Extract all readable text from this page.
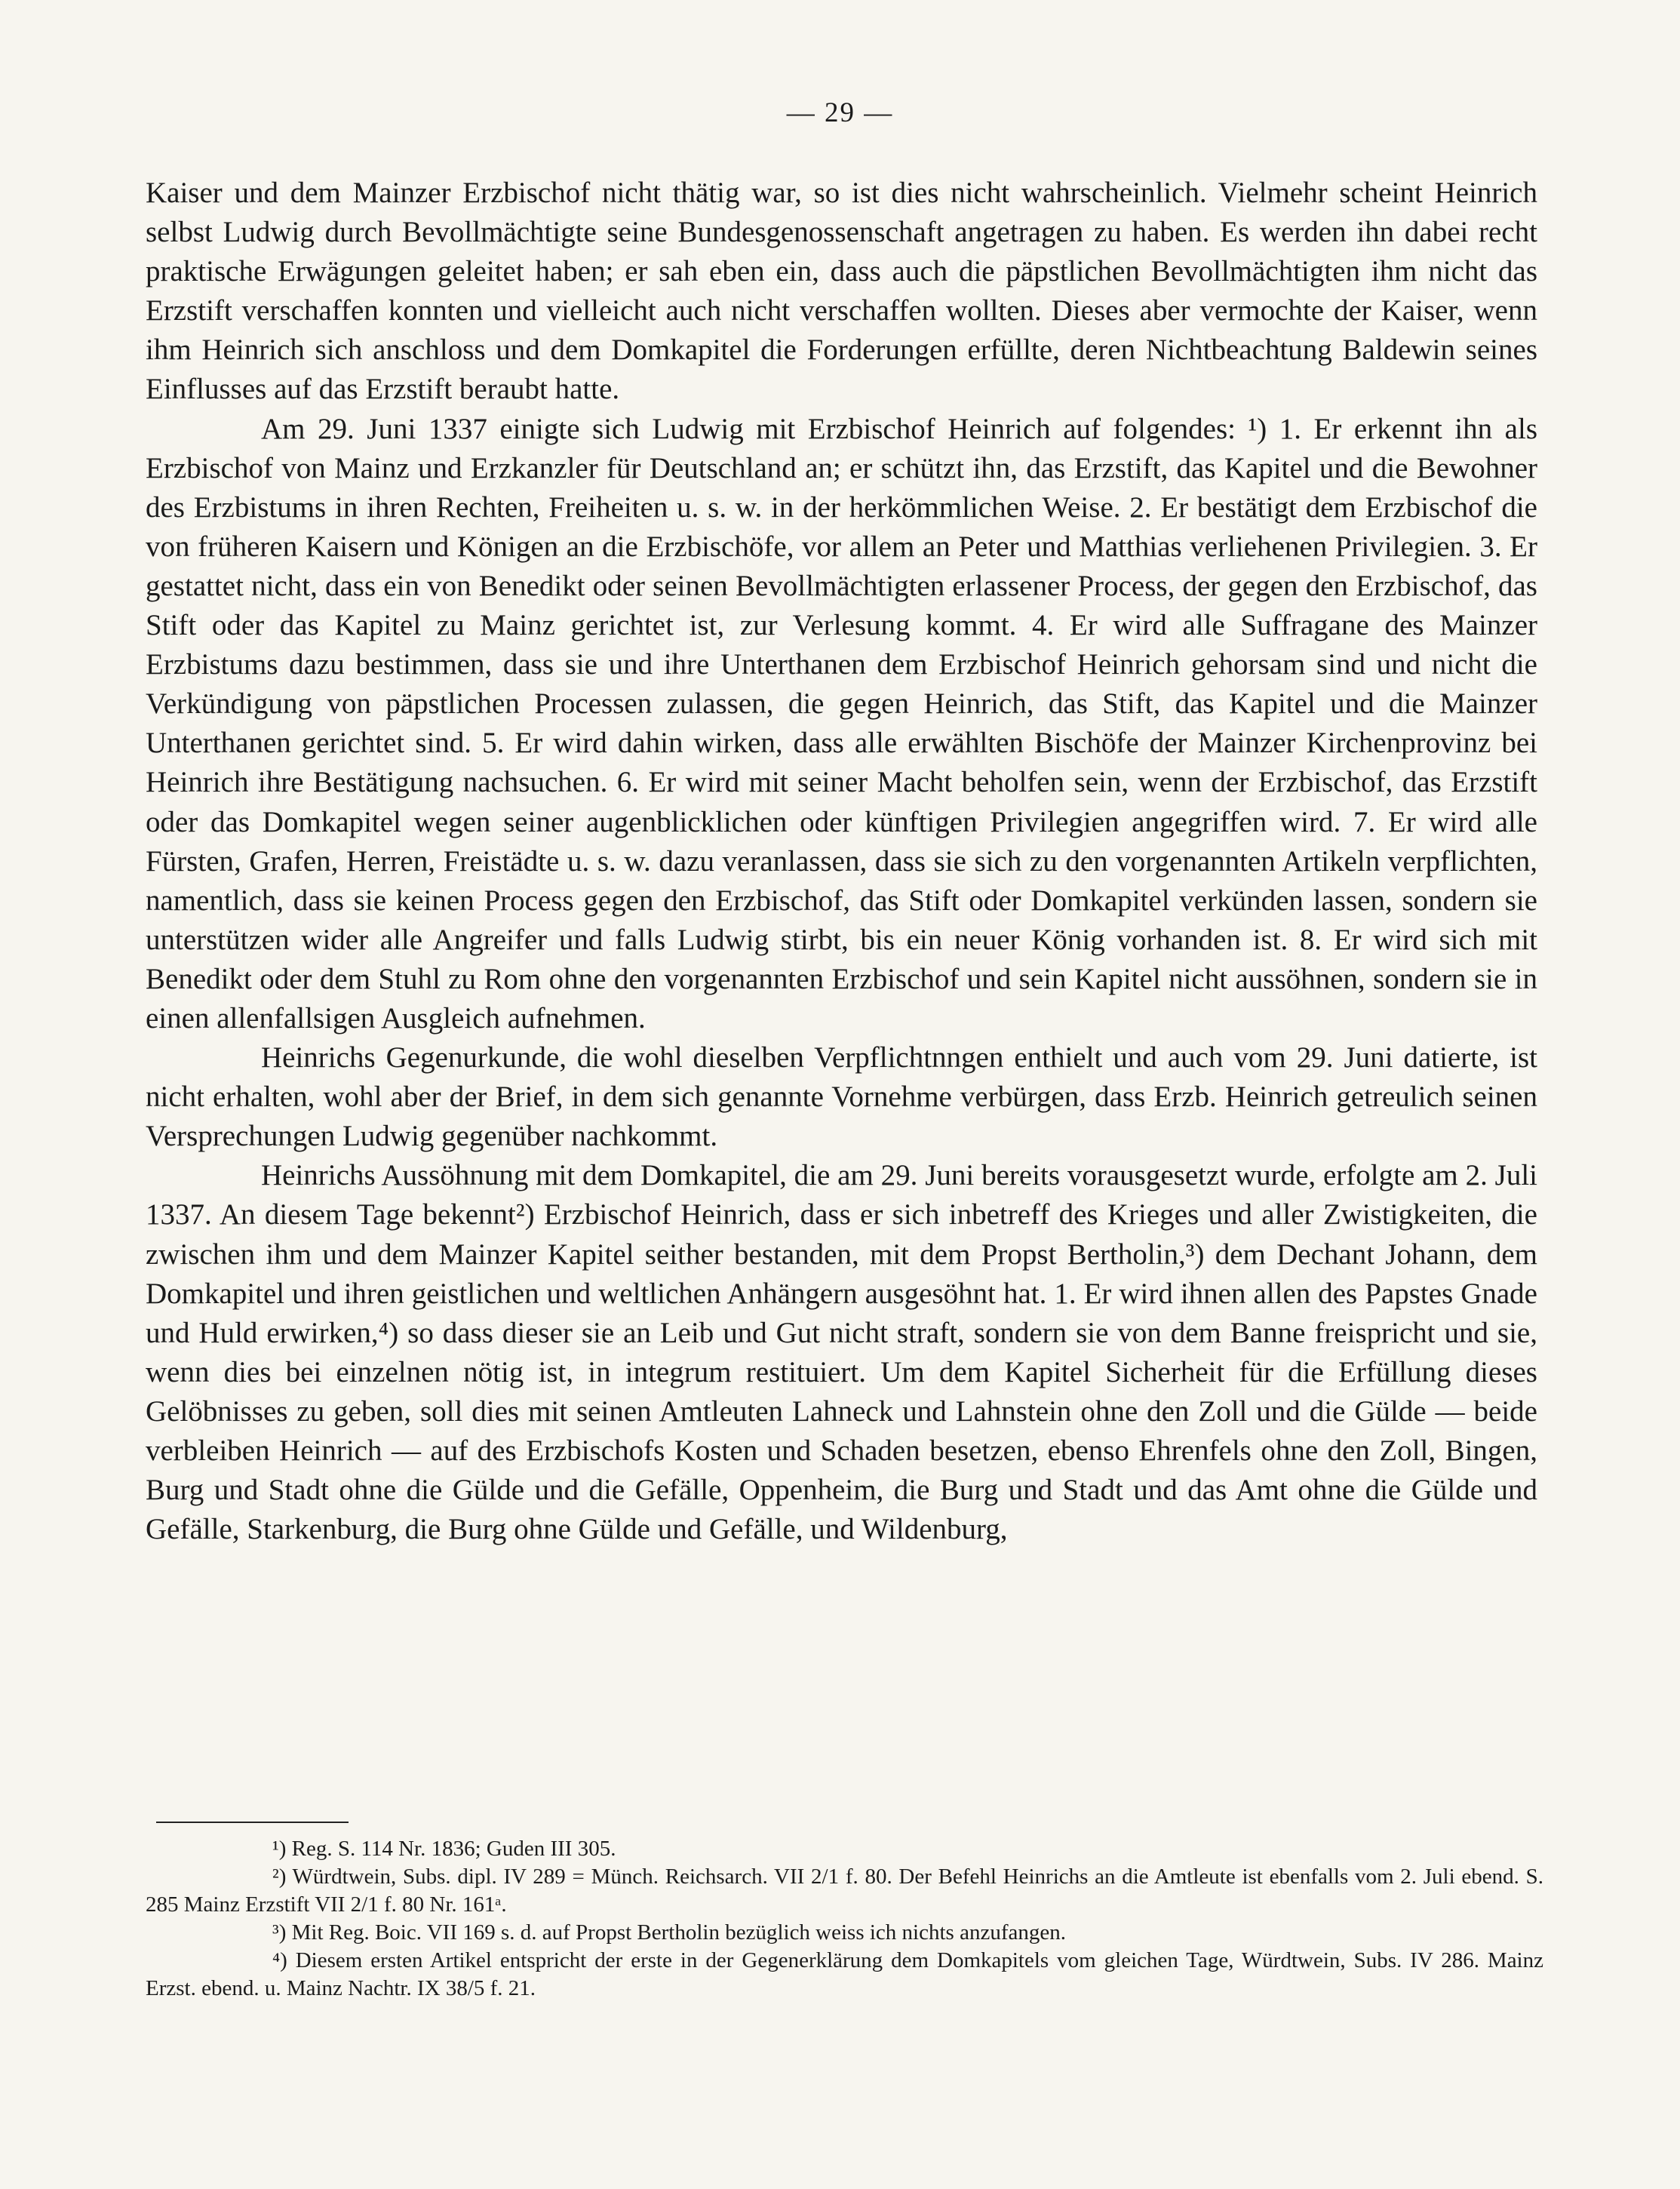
— 29 —

Kaiser und dem Mainzer Erzbischof nicht thätig war, so ist dies nicht wahrscheinlich. Vielmehr scheint Heinrich selbst Ludwig durch Bevollmächtigte seine Bundesgenossenschaft angetragen zu haben. Es werden ihn dabei recht praktische Erwägungen geleitet haben; er sah eben ein, dass auch die päpstlichen Bevollmächtigten ihm nicht das Erzstift verschaffen konnten und vielleicht auch nicht verschaffen wollten. Dieses aber vermochte der Kaiser, wenn ihm Heinrich sich anschloss und dem Domkapitel die Forderungen erfüllte, deren Nichtbeachtung Baldewin seines Einflusses auf das Erzstift beraubt hatte.

Am 29. Juni 1337 einigte sich Ludwig mit Erzbischof Heinrich auf folgendes: ¹) 1. Er erkennt ihn als Erzbischof von Mainz und Erzkanzler für Deutschland an; er schützt ihn, das Erzstift, das Kapitel und die Bewohner des Erzbistums in ihren Rechten, Freiheiten u. s. w. in der herkömmlichen Weise. 2. Er bestätigt dem Erzbischof die von früheren Kaisern und Königen an die Erzbischöfe, vor allem an Peter und Matthias verliehenen Privilegien. 3. Er gestattet nicht, dass ein von Benedikt oder seinen Bevollmächtigten erlassener Process, der gegen den Erzbischof, das Stift oder das Kapitel zu Mainz gerichtet ist, zur Verlesung kommt. 4. Er wird alle Suffragane des Mainzer Erzbistums dazu bestimmen, dass sie und ihre Unterthanen dem Erzbischof Heinrich gehorsam sind und nicht die Verkündigung von päpstlichen Processen zulassen, die gegen Heinrich, das Stift, das Kapitel und die Mainzer Unterthanen gerichtet sind. 5. Er wird dahin wirken, dass alle erwählten Bischöfe der Mainzer Kirchenprovinz bei Heinrich ihre Bestätigung nachsuchen. 6. Er wird mit seiner Macht beholfen sein, wenn der Erzbischof, das Erzstift oder das Domkapitel wegen seiner augenblicklichen oder künftigen Privilegien angegriffen wird. 7. Er wird alle Fürsten, Grafen, Herren, Freistädte u. s. w. dazu veranlassen, dass sie sich zu den vorgenannten Artikeln verpflichten, namentlich, dass sie keinen Process gegen den Erzbischof, das Stift oder Domkapitel verkünden lassen, sondern sie unterstützen wider alle Angreifer und falls Ludwig stirbt, bis ein neuer König vorhanden ist. 8. Er wird sich mit Benedikt oder dem Stuhl zu Rom ohne den vorgenannten Erzbischof und sein Kapitel nicht aussöhnen, sondern sie in einen allenfallsigen Ausgleich aufnehmen.

Heinrichs Gegenurkunde, die wohl dieselben Verpflichtnngen enthielt und auch vom 29. Juni datierte, ist nicht erhalten, wohl aber der Brief, in dem sich genannte Vornehme verbürgen, dass Erzb. Heinrich getreulich seinen Versprechungen Ludwig gegenüber nachkommt.

Heinrichs Aussöhnung mit dem Domkapitel, die am 29. Juni bereits vorausgesetzt wurde, erfolgte am 2. Juli 1337. An diesem Tage bekennt²) Erzbischof Heinrich, dass er sich inbetreff des Krieges und aller Zwistigkeiten, die zwischen ihm und dem Mainzer Kapitel seither bestanden, mit dem Propst Bertholin,³) dem Dechant Johann, dem Domkapitel und ihren geistlichen und weltlichen Anhängern ausgesöhnt hat. 1. Er wird ihnen allen des Papstes Gnade und Huld erwirken,⁴) so dass dieser sie an Leib und Gut nicht straft, sondern sie von dem Banne freispricht und sie, wenn dies bei einzelnen nötig ist, in integrum restituiert. Um dem Kapitel Sicherheit für die Erfüllung dieses Gelöbnisses zu geben, soll dies mit seinen Amtleuten Lahneck und Lahnstein ohne den Zoll und die Gülde — beide verbleiben Heinrich — auf des Erzbischofs Kosten und Schaden besetzen, ebenso Ehrenfels ohne den Zoll, Bingen, Burg und Stadt ohne die Gülde und die Gefälle, Oppenheim, die Burg und Stadt und das Amt ohne die Gülde und Gefälle, Starkenburg, die Burg ohne Gülde und Gefälle, und Wildenburg,

¹) Reg. S. 114 Nr. 1836; Guden III 305.

²) Würdtwein, Subs. dipl. IV 289 = Münch. Reichsarch. VII 2/1 f. 80. Der Befehl Heinrichs an die Amtleute ist ebenfalls vom 2. Juli ebend. S. 285 Mainz Erzstift VII 2/1 f. 80 Nr. 161ᵃ.

³) Mit Reg. Boic. VII 169 s. d. auf Propst Bertholin bezüglich weiss ich nichts anzufangen.

⁴) Diesem ersten Artikel entspricht der erste in der Gegenerklärung dem Domkapitels vom gleichen Tage, Würdtwein, Subs. IV 286. Mainz Erzst. ebend. u. Mainz Nachtr. IX 38/5 f. 21.
